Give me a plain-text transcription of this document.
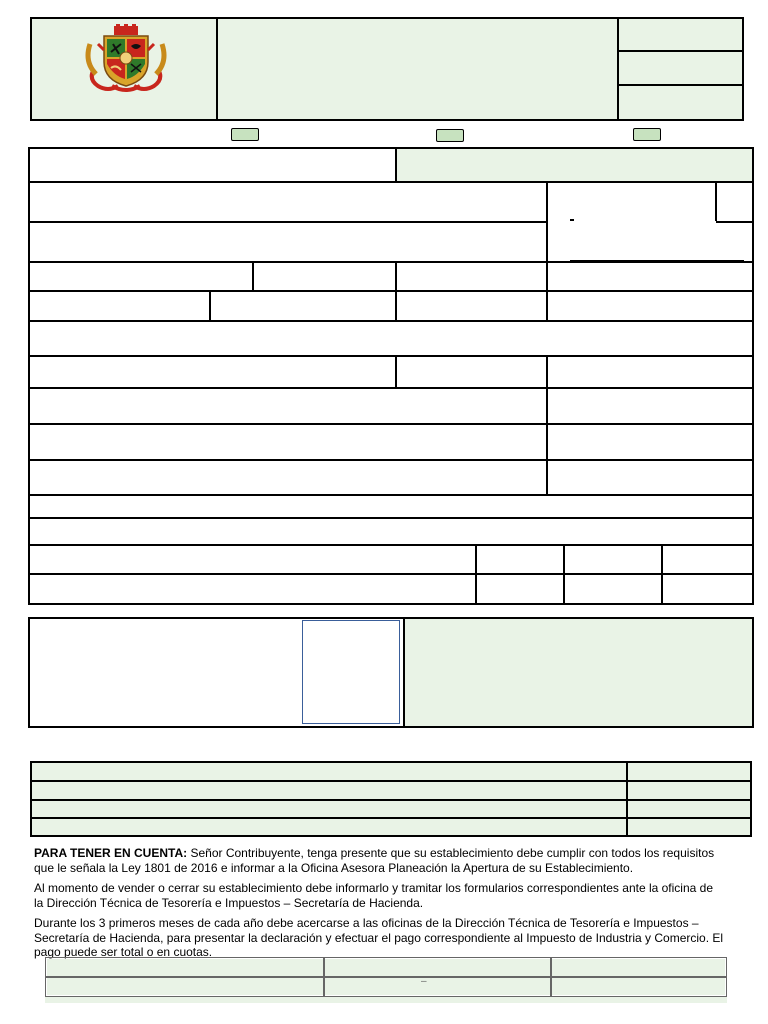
PARA TENER EN CUENTA: Señor Contribuyente, tenga presente que su establecimiento debe cumplir con todos los requisitos que le señala la Ley 1801 de 2016 e informar a la Oficina Asesora Planeación la Apertura de su Establecimiento.

Al momento de vender o cerrar su establecimiento debe informarlo y tramitar los formularios correspondientes ante la oficina de la Dirección Técnica de Tesorería e Impuestos – Secretaría de Hacienda.

Durante los 3 primeros meses de cada año debe acercarse a las oficinas de la Dirección Técnica de Tesorería e Impuestos – Secretaría de Hacienda, para presentar la declaración y efectuar el pago correspondiente al Impuesto de Industria y Comercio. El pago puede ser total o en cuotas.

–
